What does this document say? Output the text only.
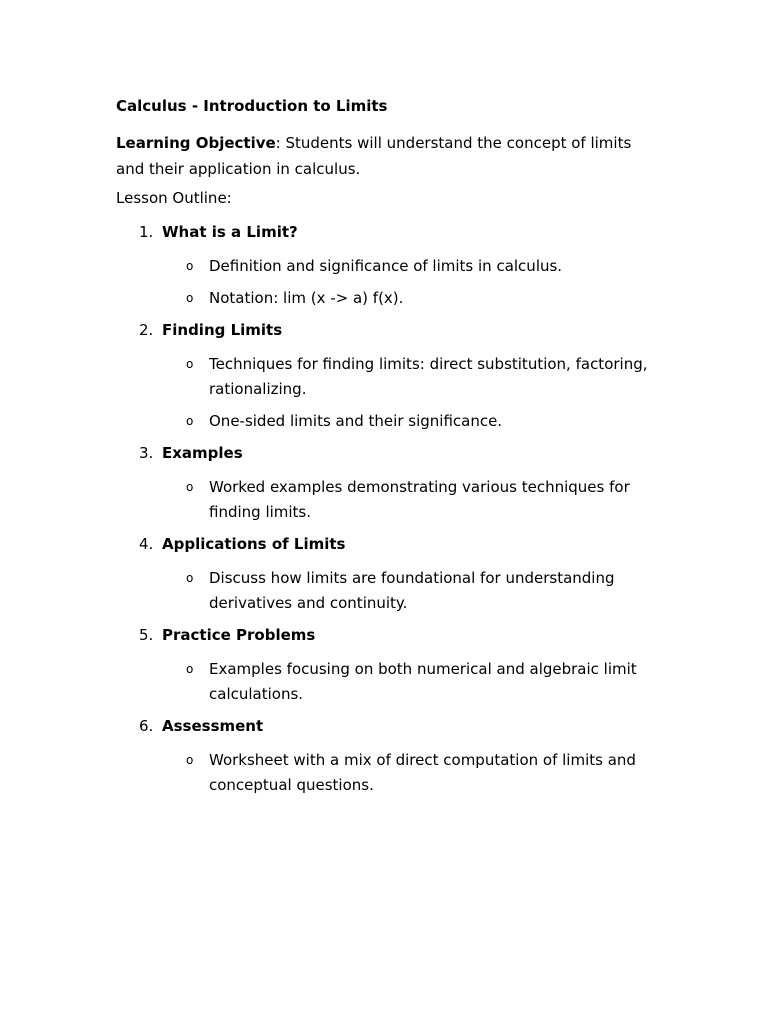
Calculus - Introduction to Limits

Learning Objective: Students will understand the concept of limits and their application in calculus.

Lesson Outline:
1. What is a Limit?
o	Definition and significance of limits in calculus.
o	Notation: lim (x -> a) f(x).
2. Finding Limits
o	Techniques for finding limits: direct substitution, factoring, rationalizing.
o	One-sided limits and their significance.
3. Examples
o	Worked examples demonstrating various techniques for finding limits.
4. Applications of Limits
o	Discuss how limits are foundational for understanding derivatives and continuity.
5. Practice Problems
o	Examples focusing on both numerical and algebraic limit calculations.
6. Assessment
o	Worksheet with a mix of direct computation of limits and conceptual questions.
